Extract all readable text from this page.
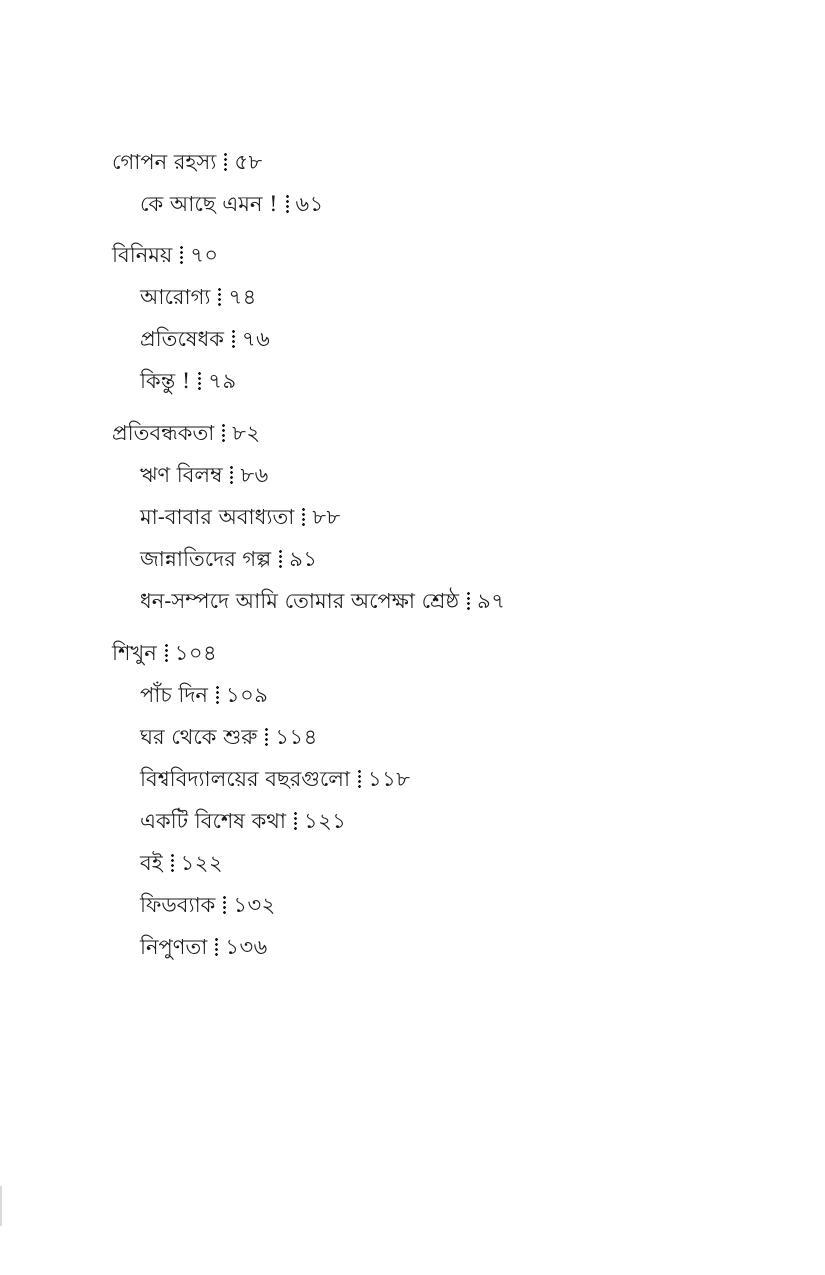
গোপন রহস্য ৫৮
কে আছে এমন ! ৬১
বিনিময় ৭০
আরোগ্য ৭৪
প্রতিষেধক ৭৬
কিন্তু ! ৭৯
প্রতিবন্ধকতা ৮২
ঋণ বিলম্ব ৮৬
মা-বাবার অবাধ্যতা ৮৮
জান্নাতিদের গল্প ৯১
ধন-সম্পদে আমি তোমার অপেক্ষা শ্রেষ্ঠ ৯৭
শিখুন ১০৪
পাঁচ দিন ১০৯
ঘর থেকে শুরু ১১৪
বিশ্ববিদ্যালয়ের বছরগুলো ১১৮
একটি বিশেষ কথা ১২১
বই ১২২
ফিডব্যাক ১৩২
নিপুণতা ১৩৬
